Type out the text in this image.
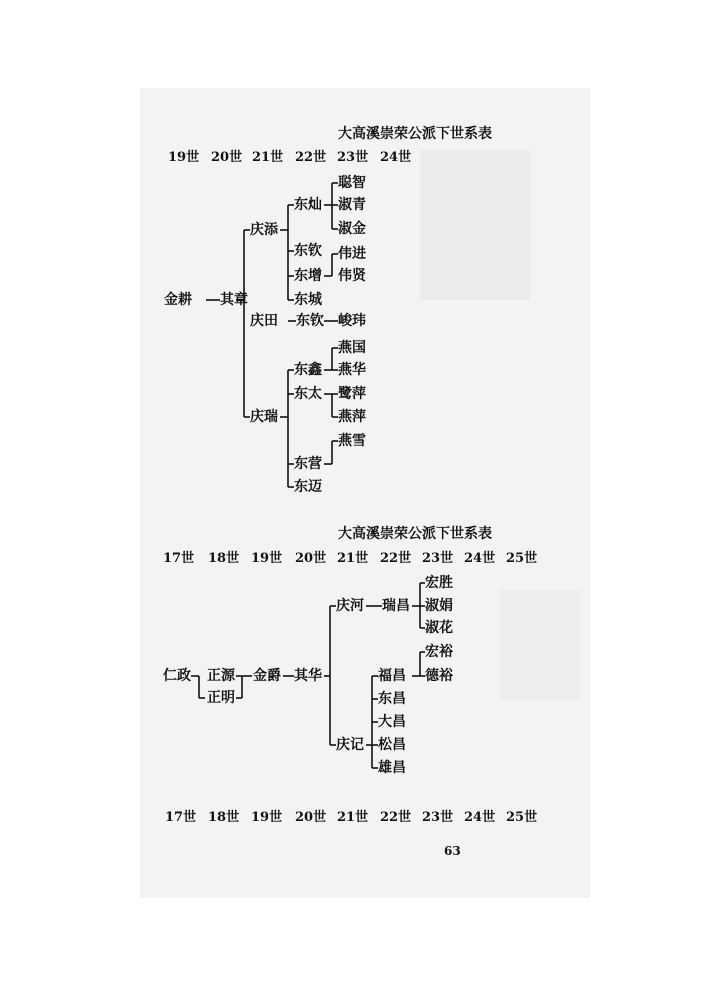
大高溪崇荣公派下世系表
19世 20世 21世 22世 23世 24世
金耕 其章
庆添
庆田
庆瑞
东灿
东钦
东增
东城
东钦
东鑫
东太
东营
东迈
聪智
淑青
淑金
伟进
伟贤
峻玮
燕国
燕华
鹭萍
燕萍
燕雪
大高溪崇荣公派下世系表
17世 18世 19世 20世 21世 22世 23世 24世 25世
仁政 正源
正明
金爵 其华
庆河
庆记
瑞昌
福昌
东昌
大昌
松昌
雄昌
宏胜
淑娟
淑花
宏裕
德裕
17世 18世 19世 20世 21世 22世 23世 24世 25世
63
